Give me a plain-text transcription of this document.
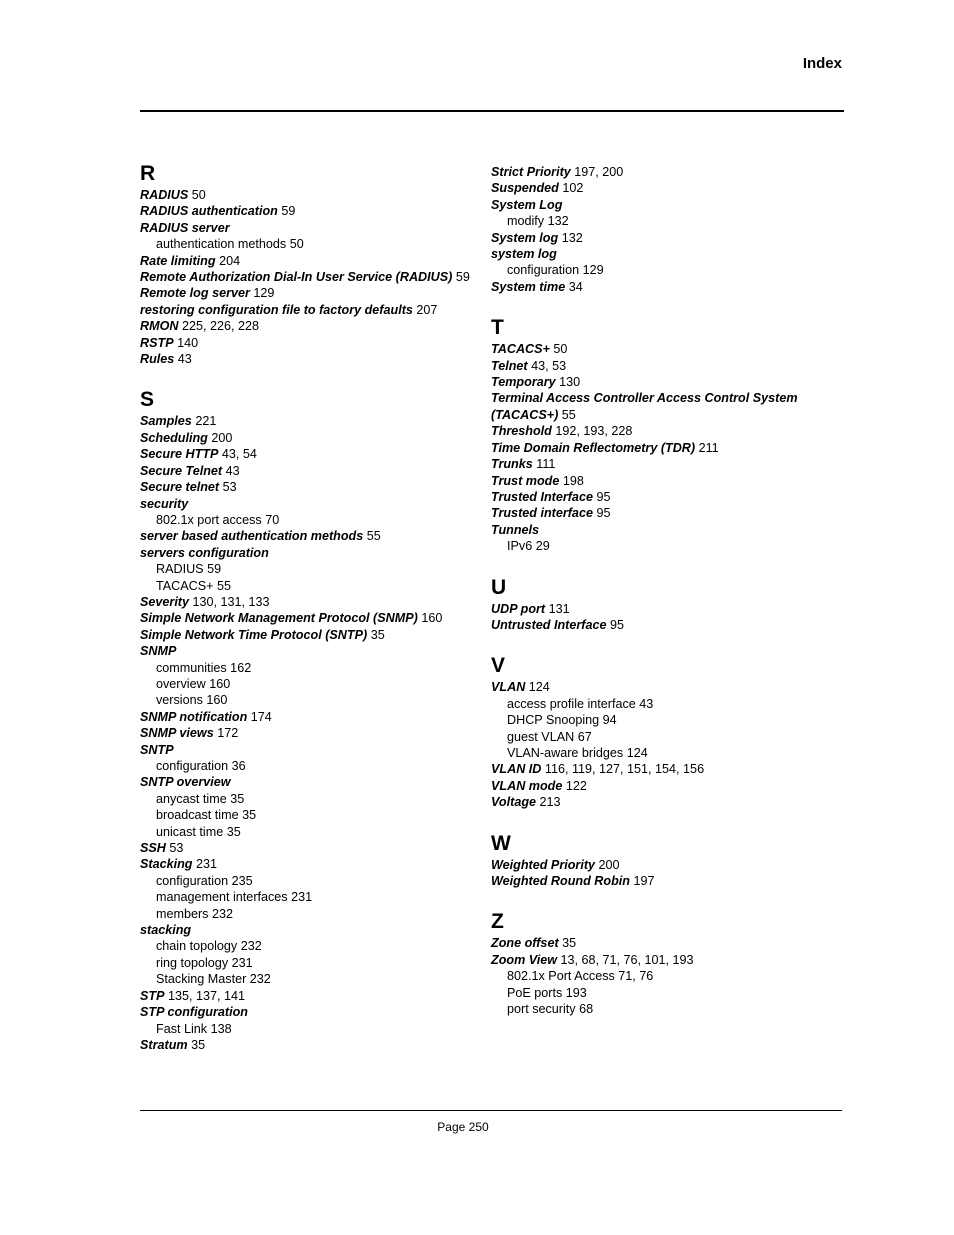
Index
R
RADIUS 50
RADIUS authentication 59
RADIUS server
authentication methods 50
Rate limiting 204
Remote Authorization Dial-In User Service (RADIUS) 59
Remote log server 129
restoring configuration file to factory defaults 207
RMON 225, 226, 228
RSTP 140
Rules 43
S
Samples 221
Scheduling 200
Secure HTTP 43, 54
Secure Telnet 43
Secure telnet 53
security
802.1x port access 70
server based authentication methods 55
servers configuration
RADIUS 59
TACACS+ 55
Severity 130, 131, 133
Simple Network Management Protocol (SNMP) 160
Simple Network Time Protocol (SNTP) 35
SNMP
communities 162
overview 160
versions 160
SNMP notification 174
SNMP views 172
SNTP
configuration 36
SNTP overview
anycast time 35
broadcast time 35
unicast time 35
SSH 53
Stacking 231
configuration 235
management interfaces 231
members 232
stacking
chain topology 232
ring topology 231
Stacking Master 232
STP 135, 137, 141
STP configuration
Fast Link 138
Stratum 35
Strict Priority 197, 200
Suspended 102
System Log
modify 132
System log 132
system log
configuration 129
System time 34
T
TACACS+ 50
Telnet 43, 53
Temporary 130
Terminal Access Controller Access Control System (TACACS+) 55
Threshold 192, 193, 228
Time Domain Reflectometry (TDR) 211
Trunks 111
Trust mode 198
Trusted Interface 95
Trusted interface 95
Tunnels
IPv6 29
U
UDP port 131
Untrusted Interface 95
V
VLAN 124
access profile interface 43
DHCP Snooping 94
guest VLAN 67
VLAN-aware bridges 124
VLAN ID 116, 119, 127, 151, 154, 156
VLAN mode 122
Voltage 213
W
Weighted Priority 200
Weighted Round Robin 197
Z
Zone offset 35
Zoom View 13, 68, 71, 76, 101, 193
802.1x Port Access 71, 76
PoE ports 193
port security 68
Page 250
